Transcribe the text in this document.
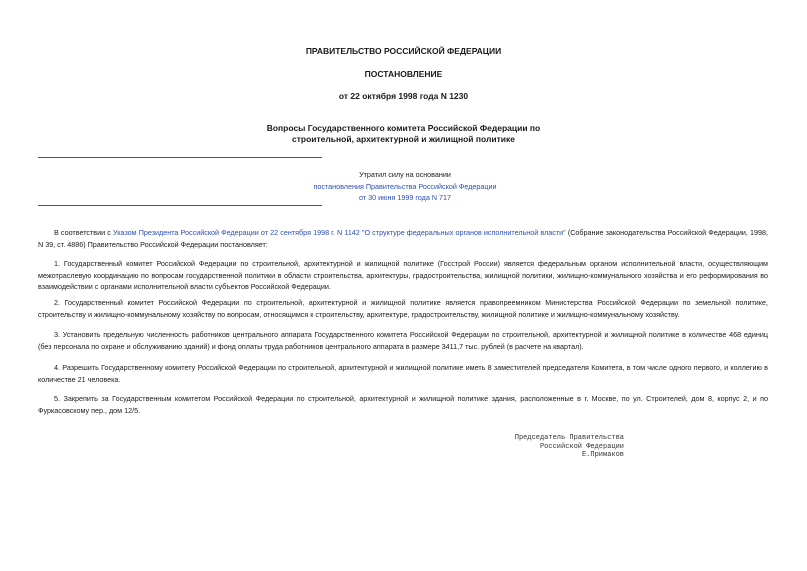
ПРАВИТЕЛЬСТВО РОССИЙСКОЙ ФЕДЕРАЦИИ
ПОСТАНОВЛЕНИЕ
от 22 октября 1998 года N 1230
Вопросы Государственного комитета Российской Федерации по
строительной, архитектурной и жилищной политике
Утратил силу на основании
постановления Правительства Российской Федерации
от 30 июня 1999 года N 717
В соответствии с Указом Президента Российской Федерации от 22 сентября 1998 г. N 1142 "О структуре федеральных органов исполнительной власти" (Собрание законодательства Российской Федерации, 1998, N 39, ст. 4886) Правительство Российской Федерации постановляет:
1. Государственный комитет Российской Федерации по строительной, архитектурной и жилищной политике (Госстрой России) является федеральным органом исполнительной власти, осуществляющим межотраслевую координацию по вопросам государственной политики в области строительства, архитектуры, градостроительства, жилищной политики, жилищно-коммунального хозяйства и его реформирования во взаимодействии с органами исполнительной власти субъектов Российской Федерации.
2. Государственный комитет Российской Федерации по строительной, архитектурной и жилищной политике является правопреемником Министерства Российской Федерации по земельной политике, строительству и жилищно-коммунальному хозяйству по вопросам, относящимся к строительству, архитектуре, градостроительству, жилищной политике и жилищно-коммунальному хозяйству.
3. Установить предельную численность работников центрального аппарата Государственного комитета Российской Федерации по строительной, архитектурной и жилищной политике в количестве 468 единиц (без персонала по охране и обслуживанию зданий) и фонд оплаты труда работников центрального аппарата в размере 3411,7 тыс. рублей (в расчете на квартал).
4. Разрешить Государственному комитету Российской Федерации по строительной, архитектурной и жилищной политике иметь 8 заместителей председателя Комитета, в том числе одного первого, и коллегию в количестве 21 человека.
5. Закрепить за Государственным комитетом Российской Федерации по строительной, архитектурной и жилищной политике здания, расположенные в г. Москве, по ул. Строителей, дом 8, корпус 2, и по Фуркасовскому пер., дом 12/5.
Председатель Правительства
Российской Федерации
Е.Примаков
